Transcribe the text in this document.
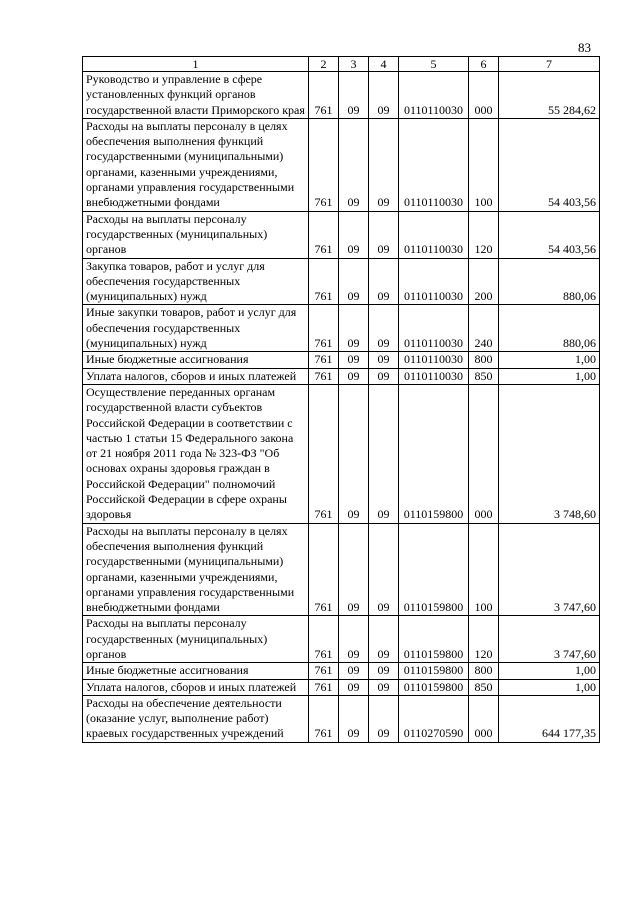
83
1	2	3	4	5	6	7
Руководство и управление в сфере установленных функций органов государственной власти Приморского края	761	09	09	0110110030	000	55 284,62
Расходы на выплаты персоналу в целях обеспечения выполнения функций государственными (муниципальными) органами, казенными учреждениями, органами управления государственными внебюджетными фондами	761	09	09	0110110030	100	54 403,56
Расходы на выплаты персоналу государственных (муниципальных) органов	761	09	09	0110110030	120	54 403,56
Закупка товаров, работ и услуг для обеспечения государственных (муниципальных) нужд	761	09	09	0110110030	200	880,06
Иные закупки товаров, работ и услуг для обеспечения государственных (муниципальных) нужд	761	09	09	0110110030	240	880,06
Иные бюджетные ассигнования	761	09	09	0110110030	800	1,00
Уплата налогов, сборов и иных платежей	761	09	09	0110110030	850	1,00
Осуществление переданных органам государственной власти субъектов Российской Федерации в соответствии с частью 1 статьи 15 Федерального закона от 21 ноября 2011 года № 323-ФЗ "Об основах охраны здоровья граждан в Российской Федерации" полномочий Российской Федерации в сфере охраны здоровья	761	09	09	0110159800	000	3 748,60
Расходы на выплаты персоналу в целях обеспечения выполнения функций государственными (муниципальными) органами, казенными учреждениями, органами управления государственными внебюджетными фондами	761	09	09	0110159800	100	3 747,60
Расходы на выплаты персоналу государственных (муниципальных) органов	761	09	09	0110159800	120	3 747,60
Иные бюджетные ассигнования	761	09	09	0110159800	800	1,00
Уплата налогов, сборов и иных платежей	761	09	09	0110159800	850	1,00
Расходы на обеспечение деятельности (оказание услуг, выполнение работ) краевых государственных учреждений	761	09	09	0110270590	000	644 177,35
